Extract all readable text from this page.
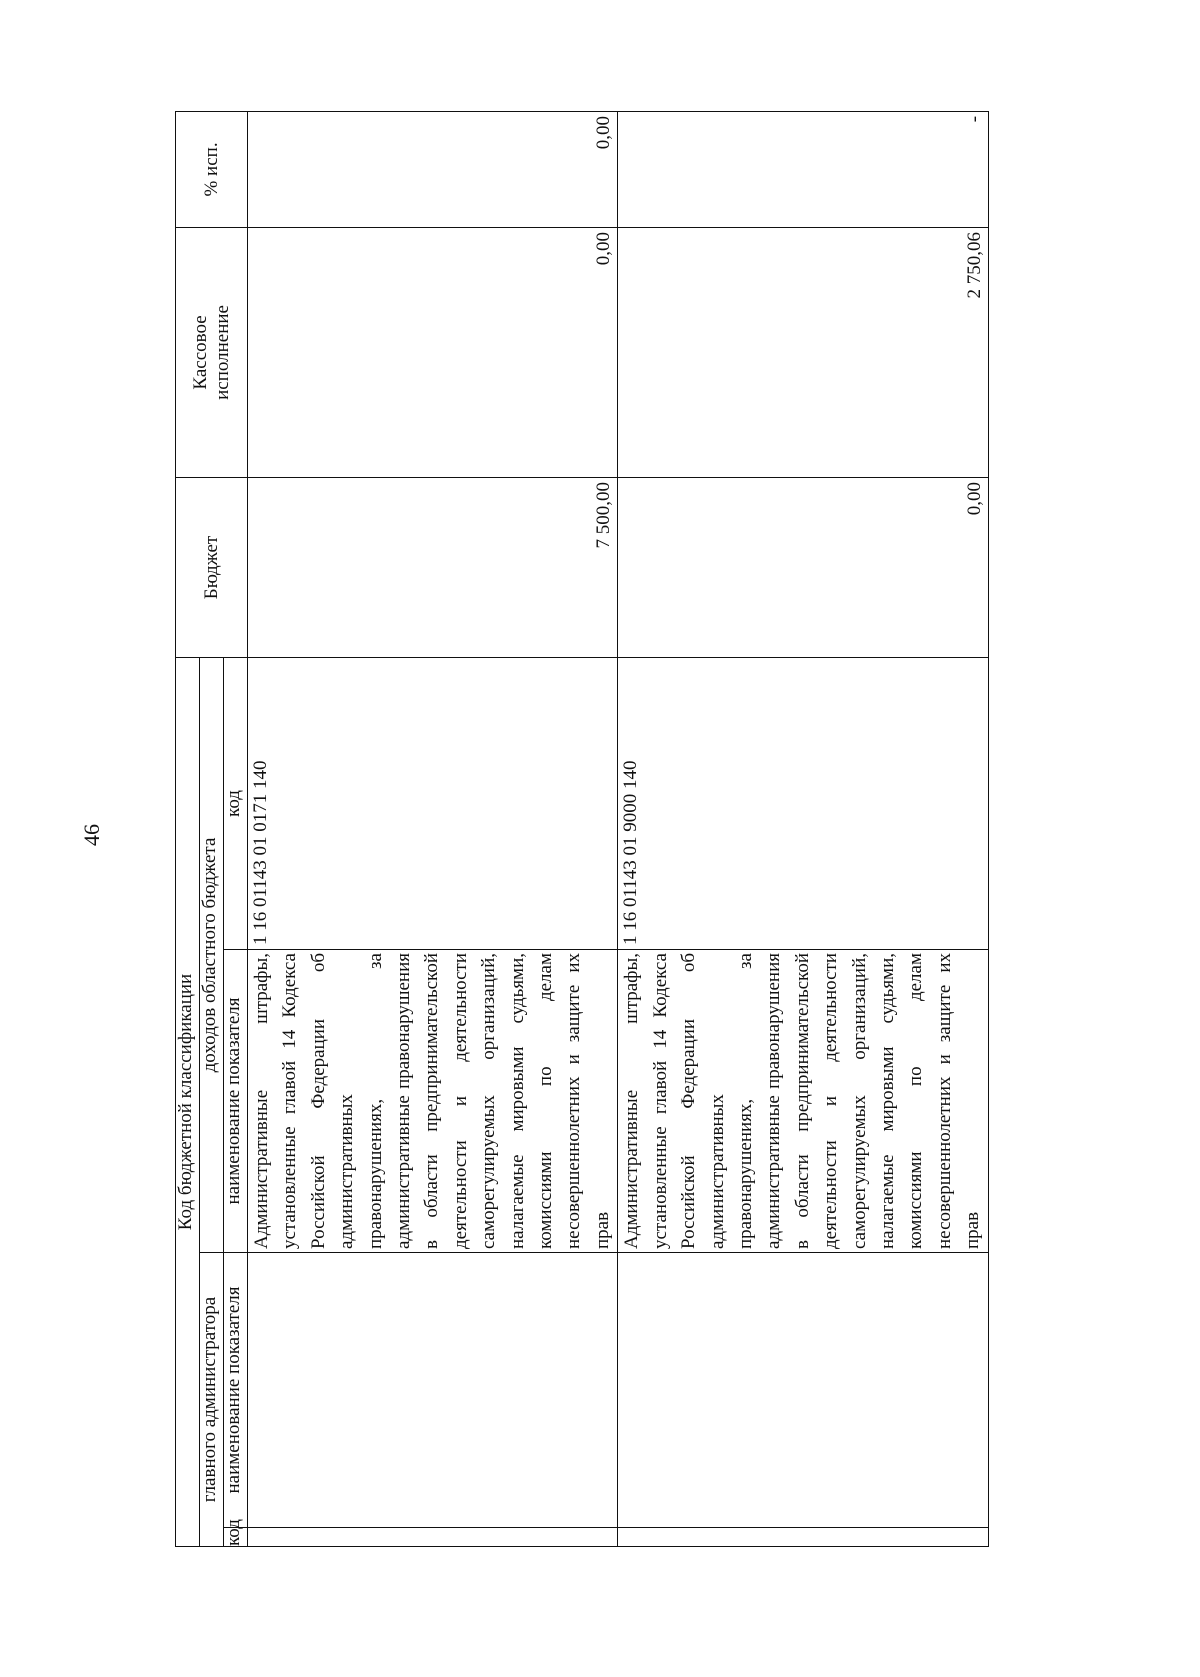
46
Код бюджетной классификации				Бюджет	Кассовое исполнение	% исп.
главного администратора		доходов областного бюджета				
код	наименование показателя	наименование показателя	код			
		Административные штрафы, установленные главой 14 Кодекса Российской Федерации об административных правонарушениях, за административные правонарушения в области предпринимательской деятельности и деятельности саморегулируемых организаций, налагаемые мировыми судьями, комиссиями по делам несовершеннолетних и защите их прав	1 16 01143 01 0171 140	7 500,00	0,00	0,00
		Административные штрафы, установленные главой 14 Кодекса Российской Федерации об административных правонарушениях, за административные правонарушения в области предпринимательской деятельности и деятельности саморегулируемых организаций, налагаемые мировыми судьями, комиссиями по делам несовершеннолетних и защите их прав	1 16 01143 01 9000 140	0,00	2 750,06	-
